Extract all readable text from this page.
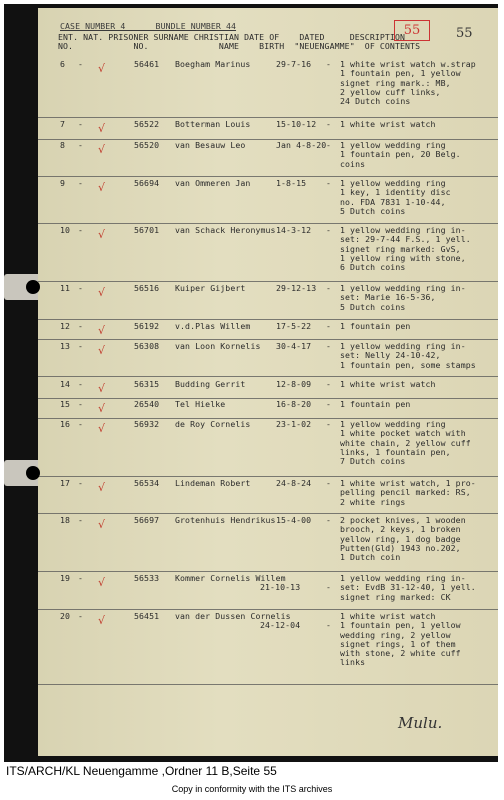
55	55
CASE NUMBER 4      BUNDLE NUMBER 44
ENT. NAT. PRISONER SURNAME CHRISTIAN DATE OF    DATED     DESCRIPTION
NO.            NO.              NAME    BIRTH  "NEUENGAMME"  OF CONTENTS
6 - √	56461 Boegham Marinus	29-7-16 - 1 white wrist watch w.strap
1 fountain pen, 1 yellow
signet ring mark.: MB,
2 yellow cuff links,
24 Dutch coins
7 - √	56522 Botterman Louis	15-10-12 - 1 white wrist watch
8 - √	56520 van Besauw Leo	Jan 4-8-20 - 1 yellow wedding ring
1 fountain pen, 20 Belg.
coins
9 - √	56694 van Ommeren Jan	1-8-15 - 1 yellow wedding ring
1 key, 1 identity disc
no. FDA 7831 1-10-44,
5 Dutch coins
10 - √	56701 van Schack Heronymus 14-3-12 - 1 yellow wedding ring in-
set: 29-7-44 F.S., 1 yell.
signet ring marked: GvS,
1 yellow ring with stone,
6 Dutch coins
11 - √	56516 Kuiper Gijbert	29-12-13 - 1 yellow wedding ring in-
set: Marie 16-5-36,
5 Dutch coins
12 - √	56192 v.d.Plas Willem	17-5-22 - 1 fountain pen
13 - √	56308 van Loon Kornelis 30-4-17 - 1 yellow wedding ring in-
set: Nelly 24-10-42,
1 fountain pen, some stamps
14 - √	56315 Budding Gerrit	12-8-09 - 1 white wrist watch
15 - √	26540 Tel Hielke	16-8-20 - 1 fountain pen
16 - √	56932 de Roy Cornelis	23-1-02 - 1 yellow wedding ring
1 white pocket watch with
white chain, 2 yellow cuff
links, 1 fountain pen,
7 Dutch coins
17 - √	56534 Lindeman Robert	24-8-24 - 1 white wrist watch, 1 pro-
pelling pencil marked: RS,
2 white rings
18 - √	56697 Grotenhuis Hendrikus 15-4-00 - 2 pocket knives, 1 wooden
brooch, 2 keys, 1 broken
yellow ring, 1 dog badge
Putten(Gld) 1943 no.202,
1 Dutch coin
19 - √	56533 Kommer Cornelis Willem
21-10-13	-
1 yellow wedding ring in-
set: EvdB 31-12-40, 1 yell.
signet ring marked: CK
20 - √	56451 van der Dussen Cornelis
24-12-04	-
1 white wrist watch
1 fountain pen, 1 yellow
wedding ring, 2 yellow
signet rings, 1 of them
with stone, 2 white cuff
links
Mulu.
ITS/ARCH/KL Neuengamme ,Ordner 11 B,Seite 55
Copy in conformity with the ITS archives
